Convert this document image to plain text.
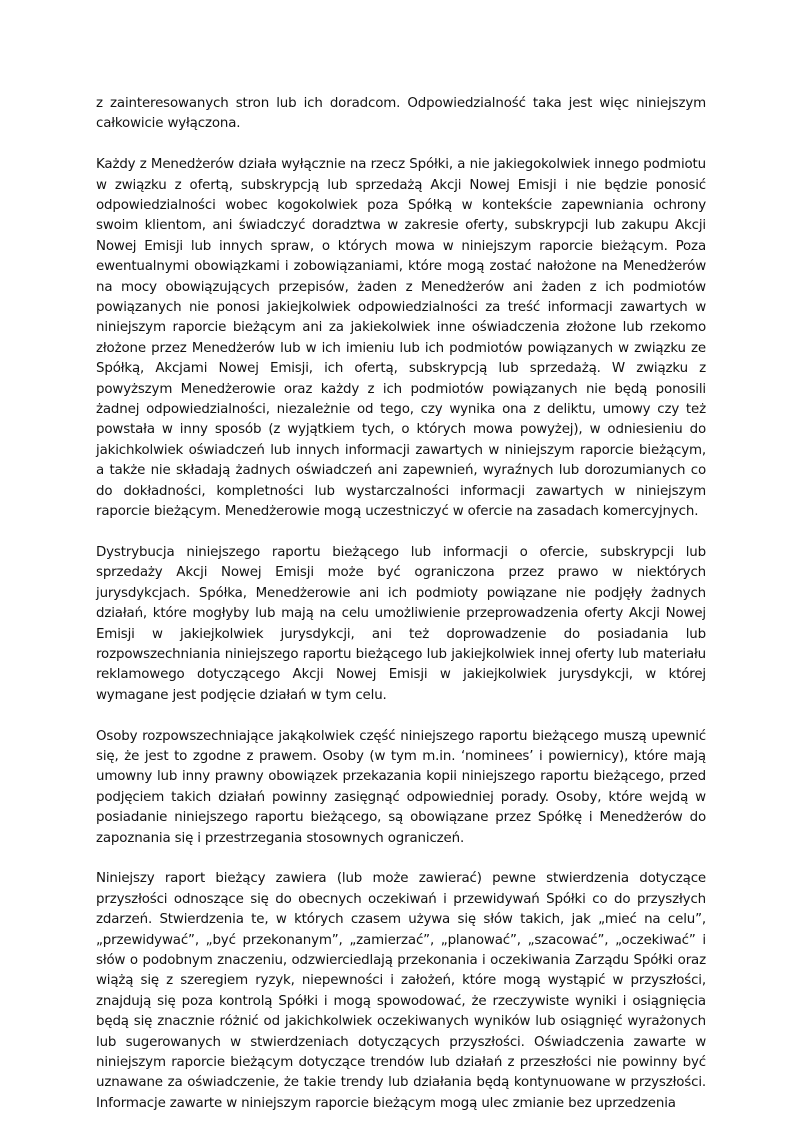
z zainteresowanych stron lub ich doradcom. Odpowiedzialność taka jest więc niniejszym całkowicie wyłączona.

Każdy z Menedżerów działa wyłącznie na rzecz Spółki, a nie jakiegokolwiek innego podmiotu w związku z ofertą, subskrypcją lub sprzedażą Akcji Nowej Emisji i nie będzie ponosić odpowiedzialności wobec kogokolwiek poza Spółką w kontekście zapewniania ochrony swoim klientom, ani świadczyć doradztwa w zakresie oferty, subskrypcji lub zakupu Akcji Nowej Emisji lub innych spraw, o których mowa w niniejszym raporcie bieżącym. Poza ewentualnymi obowiązkami i zobowiązaniami, które mogą zostać nałożone na Menedżerów na mocy obowiązujących przepisów, żaden z Menedżerów ani żaden z ich podmiotów powiązanych nie ponosi jakiejkolwiek odpowiedzialności za treść informacji zawartych w niniejszym raporcie bieżącym ani za jakiekolwiek inne oświadczenia złożone lub rzekomo złożone przez Menedżerów lub w ich imieniu lub ich podmiotów powiązanych w związku ze Spółką, Akcjami Nowej Emisji, ich ofertą, subskrypcją lub sprzedażą. W związku z powyższym Menedżerowie oraz każdy z ich podmiotów powiązanych nie będą ponosili żadnej odpowiedzialności, niezależnie od tego, czy wynika ona z deliktu, umowy czy też powstała w inny sposób (z wyjątkiem tych, o których mowa powyżej), w odniesieniu do jakichkolwiek oświadczeń lub innych informacji zawartych w niniejszym raporcie bieżącym, a także nie składają żadnych oświadczeń ani zapewnień, wyraźnych lub dorozumianych co do dokładności, kompletności lub wystarczalności informacji zawartych w niniejszym raporcie bieżącym. Menedżerowie mogą uczestniczyć w ofercie na zasadach komercyjnych.

Dystrybucja niniejszego raportu bieżącego lub informacji o ofercie, subskrypcji lub sprzedaży Akcji Nowej Emisji może być ograniczona przez prawo w niektórych jurysdykcjach. Spółka, Menedżerowie ani ich podmioty powiązane nie podjęły żadnych działań, które mogłyby lub mają na celu umożliwienie przeprowadzenia oferty Akcji Nowej Emisji w jakiejkolwiek jurysdykcji, ani też doprowadzenie do posiadania lub rozpowszechniania niniejszego raportu bieżącego lub jakiejkolwiek innej oferty lub materiału reklamowego dotyczącego Akcji Nowej Emisji w jakiejkolwiek jurysdykcji, w której wymagane jest podjęcie działań w tym celu.

Osoby rozpowszechniające jakąkolwiek część niniejszego raportu bieżącego muszą upewnić się, że jest to zgodne z prawem. Osoby (w tym m.in. ‘nominees’ i powiernicy), które mają umowny lub inny prawny obowiązek przekazania kopii niniejszego raportu bieżącego, przed podjęciem takich działań powinny zasięgnąć odpowiedniej porady. Osoby, które wejdą w posiadanie niniejszego raportu bieżącego, są obowiązane przez Spółkę i Menedżerów do zapoznania się i przestrzegania stosownych ograniczeń.

Niniejszy raport bieżący zawiera (lub może zawierać) pewne stwierdzenia dotyczące przyszłości odnoszące się do obecnych oczekiwań i przewidywań Spółki co do przyszłych zdarzeń. Stwierdzenia te, w których czasem używa się słów takich, jak „mieć na celu”, „przewidywać”, „być przekonanym”, „zamierzać”, „planować”, „szacować”, „oczekiwać” i słów o podobnym znaczeniu, odzwierciedlają przekonania i oczekiwania Zarządu Spółki oraz wiążą się z szeregiem ryzyk, niepewności i założeń, które mogą wystąpić w przyszłości, znajdują się poza kontrolą Spółki i mogą spowodować, że rzeczywiste wyniki i osiągnięcia będą się znacznie różnić od jakichkolwiek oczekiwanych wyników lub osiągnięć wyrażonych lub sugerowanych w stwierdzeniach dotyczących przyszłości. Oświadczenia zawarte w niniejszym raporcie bieżącym dotyczące trendów lub działań z przeszłości nie powinny być uznawane za oświadczenie, że takie trendy lub działania będą kontynuowane w przyszłości. Informacje zawarte w niniejszym raporcie bieżącym mogą ulec zmianie bez uprzedzenia
